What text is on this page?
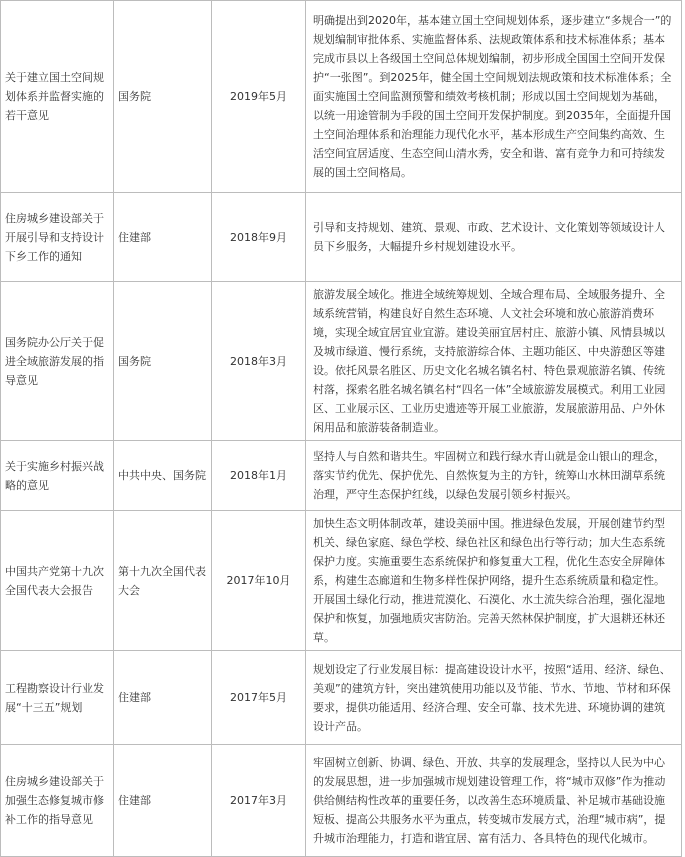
关于建立国土空间规划体系并监督实施的若干意见	国务院	2019年5月	明确提出到2020年，基本建立国土空间规划体系，逐步建立“多规合一”的规划编制审批体系、实施监督体系、法规政策体系和技术标准体系；基本完成市县以上各级国土空间总体规划编制，初步形成全国国土空间开发保护“一张图”。到2025年，健全国土空间规划法规政策和技术标准体系；全面实施国土空间监测预警和绩效考核机制；形成以国土空间规划为基础，以统一用途管制为手段的国土空间开发保护制度。到2035年，全面提升国土空间治理体系和治理能力现代化水平，基本形成生产空间集约高效、生活空间宜居适度、生态空间山清水秀，安全和谐、富有竞争力和可持续发展的国土空间格局。
住房城乡建设部关于开展引导和支持设计下乡工作的通知	住建部	2018年9月	引导和支持规划、建筑、景观、市政、艺术设计、文化策划等领域设计人员下乡服务，大幅提升乡村规划建设水平。
国务院办公厅关于促进全域旅游发展的指导意见	国务院	2018年3月	旅游发展全域化。推进全域统筹规划、全域合理布局、全域服务提升、全域系统营销，构建良好自然生态环境、人文社会环境和放心旅游消费环境，实现全域宜居宜业宜游。建设美丽宜居村庄、旅游小镇、风情县城以及城市绿道、慢行系统，支持旅游综合体、主题功能区、中央游憩区等建设。依托风景名胜区、历史文化名城名镇名村、特色景观旅游名镇、传统村落，探索名胜名城名镇名村“四名一体”全域旅游发展模式。利用工业园区、工业展示区、工业历史遗迹等开展工业旅游，发展旅游用品、户外休闲用品和旅游装备制造业。
关于实施乡村振兴战略的意见	中共中央、国务院	2018年1月	坚持人与自然和谐共生。牢固树立和践行绿水青山就是金山银山的理念，落实节约优先、保护优先、自然恢复为主的方针，统筹山水林田湖草系统治理，严守生态保护红线，以绿色发展引领乡村振兴。
中国共产党第十九次全国代表大会报告	第十九次全国代表大会	2017年10月	加快生态文明体制改革，建设美丽中国。推进绿色发展，开展创建节约型机关、绿色家庭、绿色学校、绿色社区和绿色出行等行动；加大生态系统保护力度。实施重要生态系统保护和修复重大工程，优化生态安全屏障体系，构建生态廊道和生物多样性保护网络，提升生态系统质量和稳定性。开展国土绿化行动，推进荒漠化、石漠化、水土流失综合治理，强化湿地保护和恢复，加强地质灾害防治。完善天然林保护制度，扩大退耕还林还草。
工程勘察设计行业发展“十三五”规划	住建部	2017年5月	规划设定了行业发展目标：提高建设设计水平，按照“适用、经济、绿色、美观”的建筑方针，突出建筑使用功能以及节能、节水、节地、节材和环保要求，提供功能适用、经济合理、安全可靠、技术先进、环境协调的建筑设计产品。
住房城乡建设部关于加强生态修复城市修补工作的指导意见	住建部	2017年3月	牢固树立创新、协调、绿色、开放、共享的发展理念，坚持以人民为中心的发展思想，进一步加强城市规划建设管理工作，将“城市双修”作为推动供给侧结构性改革的重要任务，以改善生态环境质量、补足城市基础设施短板、提高公共服务水平为重点，转变城市发展方式，治理“城市病”，提升城市治理能力，打造和谐宜居、富有活力、各具特色的现代化城市。
